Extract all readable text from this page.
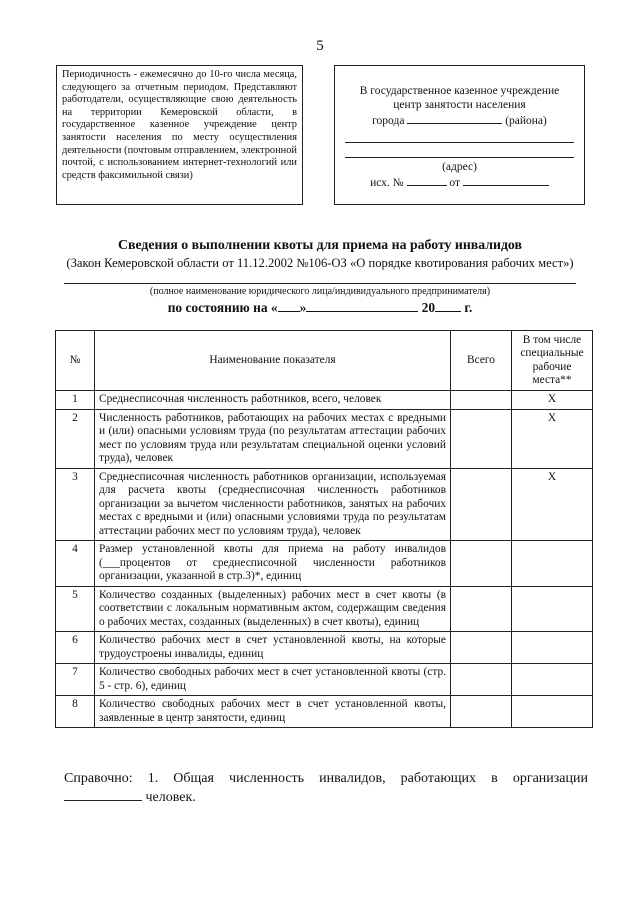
5
Периодичность - ежемесячно до 10-го числа месяца, следующего за отчетным периодом. Представляют работодатели, осуществляющие свою деятельность на территории Кемеровской области, в государственное казенное учреждение центр занятости населения по месту осуществления деятельности (почтовым отправлением, электронной почтой, с использованием интернет-технологий или средств факсимильной связи)
В государственное казенное учреждение
центр занятости населения
города	(района)
(адрес)
исх. №	от
Сведения о выполнении квоты для приема на работу инвалидов
(Закон Кемеровской области от 11.12.2002 №106-ОЗ «О порядке квотирования рабочих мест»)
(полное наименование юридического лица/индивидуального предпринимателя)
по состоянию на « »	20 г.
№	Наименование показателя	Всего	В том числе специальные рабочие места**
1	Среднесписочная численность работников, всего, человек		Х
2	Численность работников, работающих на рабочих местах с вредными и (или) опасными условиям труда (по результатам аттестации рабочих мест по условиям труда или результатам специальной оценки условий труда), человек		Х
3	Среднесписочная численность работников организации, используемая для расчета квоты (среднесписочная численность работников организации за вычетом численности работников, занятых на рабочих местах с вредными и (или) опасными условиями труда по результатам аттестации рабочих мест по условиям труда), человек		Х
4	Размер установленной квоты для приема на работу инвалидов (___процентов от среднесписочной численности работников организации, указанной в стр.3)*, единиц		
5	Количество созданных (выделенных) рабочих мест в счет квоты (в соответствии с локальным нормативным актом, содержащим сведения о рабочих местах, созданных (выделенных) в счет квоты), единиц		
6	Количество рабочих мест в счет установленной квоты, на которые трудоустроены инвалиды, единиц		
7	Количество свободных рабочих мест в счет установленной квоты (стр. 5 - стр. 6), единиц		
8	Количество свободных рабочих мест в счет установленной квоты, заявленные в центр занятости, единиц		
Справочно: 1. Общая численность инвалидов, работающих в организации  человек.
